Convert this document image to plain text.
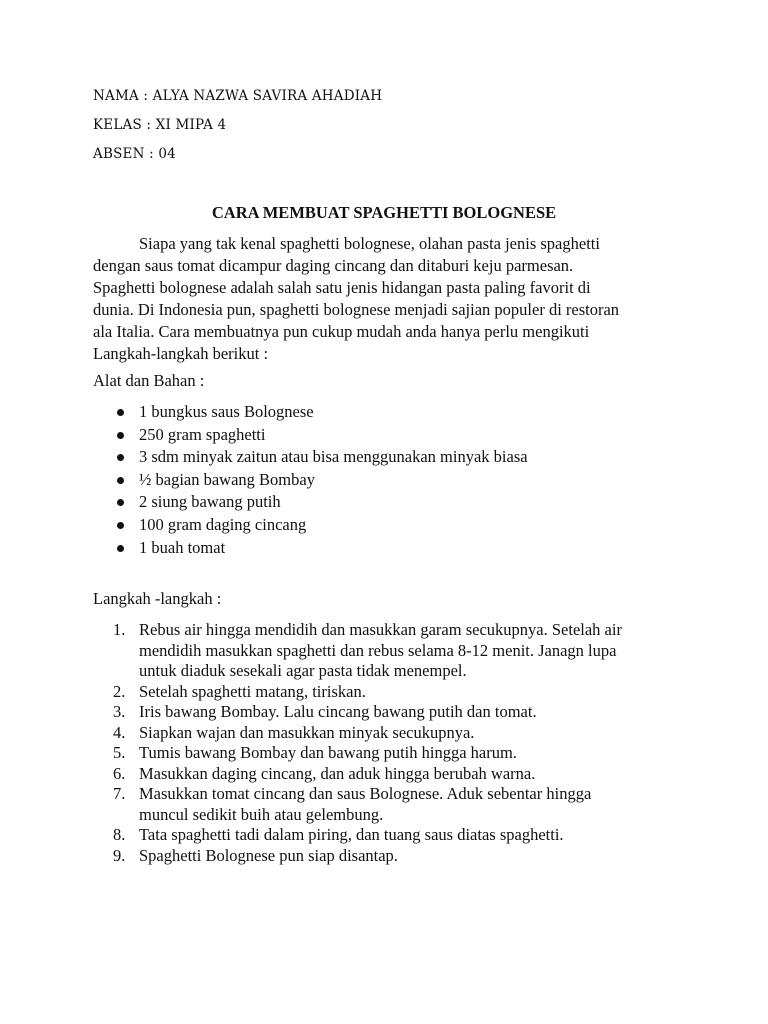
NAMA : ALYA NAZWA SAVIRA AHADIAH
KELAS : XI MIPA 4
ABSEN : 04
CARA MEMBUAT SPAGHETTI BOLOGNESE
Siapa yang tak kenal spaghetti bolognese, olahan pasta jenis spaghetti
dengan saus tomat dicampur daging cincang dan ditaburi keju parmesan.
Spaghetti bolognese adalah salah satu jenis hidangan pasta paling favorit di
dunia. Di Indonesia pun, spaghetti bolognese menjadi sajian populer di restoran
ala Italia. Cara membuatnya pun cukup mudah anda hanya perlu mengikuti
Langkah-langkah berikut :
Alat dan Bahan :
1 bungkus saus Bolognese
250 gram spaghetti
3 sdm minyak zaitun atau bisa menggunakan minyak biasa
½ bagian bawang Bombay
2 siung bawang putih
100 gram daging cincang
1 buah tomat
Langkah -langkah :
1. Rebus air hingga mendidih dan masukkan garam secukupnya. Setelah air
mendidih masukkan spaghetti dan rebus selama 8-12 menit. Janagn lupa
untuk diaduk sesekali agar pasta tidak menempel.
2. Setelah spaghetti matang, tiriskan.
3. Iris bawang Bombay. Lalu cincang bawang putih dan tomat.
4. Siapkan wajan dan masukkan minyak secukupnya.
5. Tumis bawang Bombay dan bawang putih hingga harum.
6. Masukkan daging cincang, dan aduk hingga berubah warna.
7. Masukkan tomat cincang dan saus Bolognese. Aduk sebentar hingga
muncul sedikit buih atau gelembung.
8. Tata spaghetti tadi dalam piring, dan tuang saus diatas spaghetti.
9. Spaghetti Bolognese pun siap disantap.
